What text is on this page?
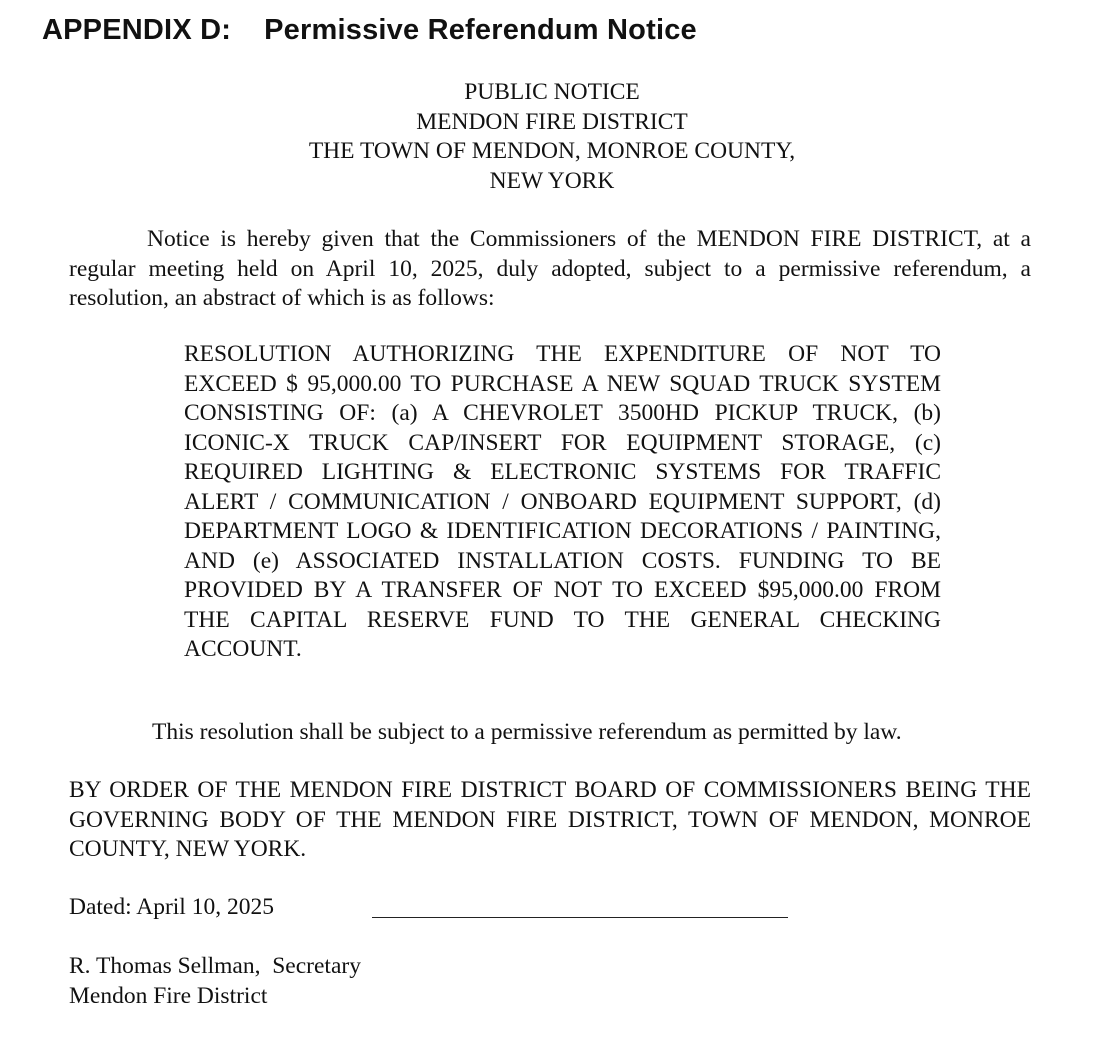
APPENDIX D:    Permissive Referendum Notice
PUBLIC NOTICE
MENDON FIRE DISTRICT
THE TOWN OF MENDON, MONROE COUNTY,
NEW YORK

Notice is hereby given that the Commissioners of the MENDON FIRE DISTRICT, at a regular meeting held on April 10, 2025, duly adopted, subject to a permissive referendum, a resolution, an abstract of which is as follows:

RESOLUTION AUTHORIZING THE EXPENDITURE OF NOT TO EXCEED $ 95,000.00 TO PURCHASE A NEW SQUAD TRUCK SYSTEM CONSISTING OF: (a) A CHEVROLET 3500HD PICKUP TRUCK, (b) ICONIC-X TRUCK CAP/INSERT FOR EQUIPMENT STORAGE, (c) REQUIRED LIGHTING & ELECTRONIC SYSTEMS FOR TRAFFIC ALERT / COMMUNICATION / ONBOARD EQUIPMENT SUPPORT, (d) DEPARTMENT LOGO & IDENTIFICATION DECORATIONS / PAINTING, AND (e) ASSOCIATED INSTALLATION COSTS. FUNDING TO BE PROVIDED BY A TRANSFER OF NOT TO EXCEED $95,000.00 FROM THE CAPITAL RESERVE FUND TO THE GENERAL CHECKING ACCOUNT.

This resolution shall be subject to a permissive referendum as permitted by law.

BY ORDER OF THE MENDON FIRE DISTRICT BOARD OF COMMISSIONERS BEING THE GOVERNING BODY OF THE MENDON FIRE DISTRICT, TOWN OF MENDON, MONROE COUNTY, NEW YORK.

Dated: April 10, 2025

R. Thomas Sellman,  Secretary
Mendon Fire District
